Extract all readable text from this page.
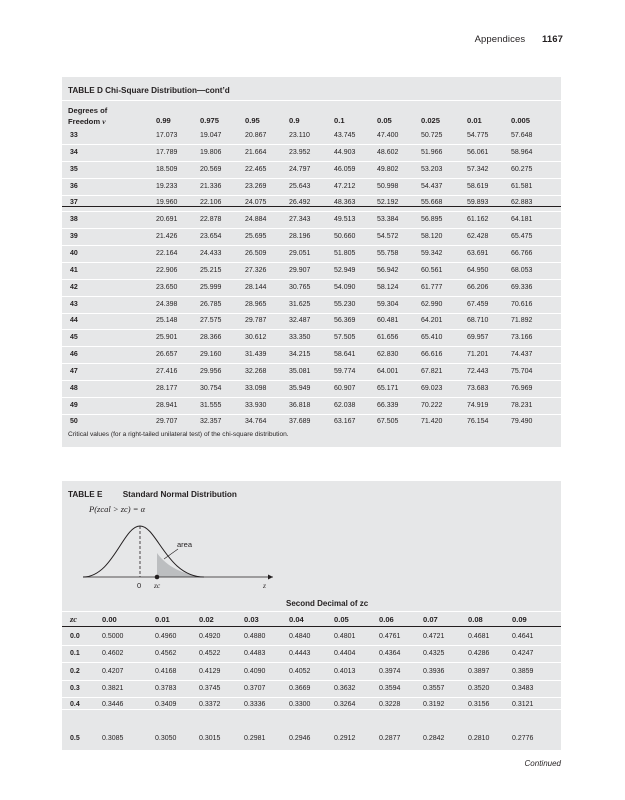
Appendices 1167
TABLE D Chi-Square Distribution—cont’d
Degrees of
Freedom ν
Critical values (for a right-tailed unilateral test) of the chi-square distribution.
0.99	0.975	0.95	0.9	0.1	0.05	0.025	0.01	0.005
33	17.073	19.047	20.867	23.110	43.745	47.400	50.725	54.775	57.648
34	17.789	19.806	21.664	23.952	44.903	48.602	51.966	56.061	58.964
35	18.509	20.569	22.465	24.797	46.059	49.802	53.203	57.342	60.275
36	19.233	21.336	23.269	25.643	47.212	50.998	54.437	58.619	61.581
37	19.960	22.106	24.075	26.492	48.363	52.192	55.668	59.893	62.883
38	20.691	22.878	24.884	27.343	49.513	53.384	56.895	61.162	64.181
39	21.426	23.654	25.695	28.196	50.660	54.572	58.120	62.428	65.475
40	22.164	24.433	26.509	29.051	51.805	55.758	59.342	63.691	66.766
41	22.906	25.215	27.326	29.907	52.949	56.942	60.561	64.950	68.053
42	23.650	25.999	28.144	30.765	54.090	58.124	61.777	66.206	69.336
43	24.398	26.785	28.965	31.625	55.230	59.304	62.990	67.459	70.616
44	25.148	27.575	29.787	32.487	56.369	60.481	64.201	68.710	71.892
45	25.901	28.366	30.612	33.350	57.505	61.656	65.410	69.957	73.166
46	26.657	29.160	31.439	34.215	58.641	62.830	66.616	71.201	74.437
47	27.416	29.956	32.268	35.081	59.774	64.001	67.821	72.443	75.704
48	28.177	30.754	33.098	35.949	60.907	65.171	69.023	73.683	76.969
49	28.941	31.555	33.930	36.818	62.038	66.339	70.222	74.919	78.231
50	29.707	32.357	34.764	37.689	63.167	67.505	71.420	76.154	79.490
TABLE E Standard Normal Distribution
P(zcal > zc) = α
area
0 zc	z
Second Decimal of zc
zc	0.00	0.01	0.02	0.03	0.04	0.05	0.06	0.07	0.08	0.09
0.0	0.5000	0.4960	0.4920	0.4880	0.4840	0.4801	0.4761	0.4721	0.4681	0.4641
0.1	0.4602	0.4562	0.4522	0.4483	0.4443	0.4404	0.4364	0.4325	0.4286	0.4247
0.2	0.4207	0.4168	0.4129	0.4090	0.4052	0.4013	0.3974	0.3936	0.3897	0.3859
0.3	0.3821	0.3783	0.3745	0.3707	0.3669	0.3632	0.3594	0.3557	0.3520	0.3483
0.4	0.3446	0.3409	0.3372	0.3336	0.3300	0.3264	0.3228	0.3192	0.3156	0.3121
0.5	0.3085	0.3050	0.3015	0.2981	0.2946	0.2912	0.2877	0.2842	0.2810	0.2776
Continued
